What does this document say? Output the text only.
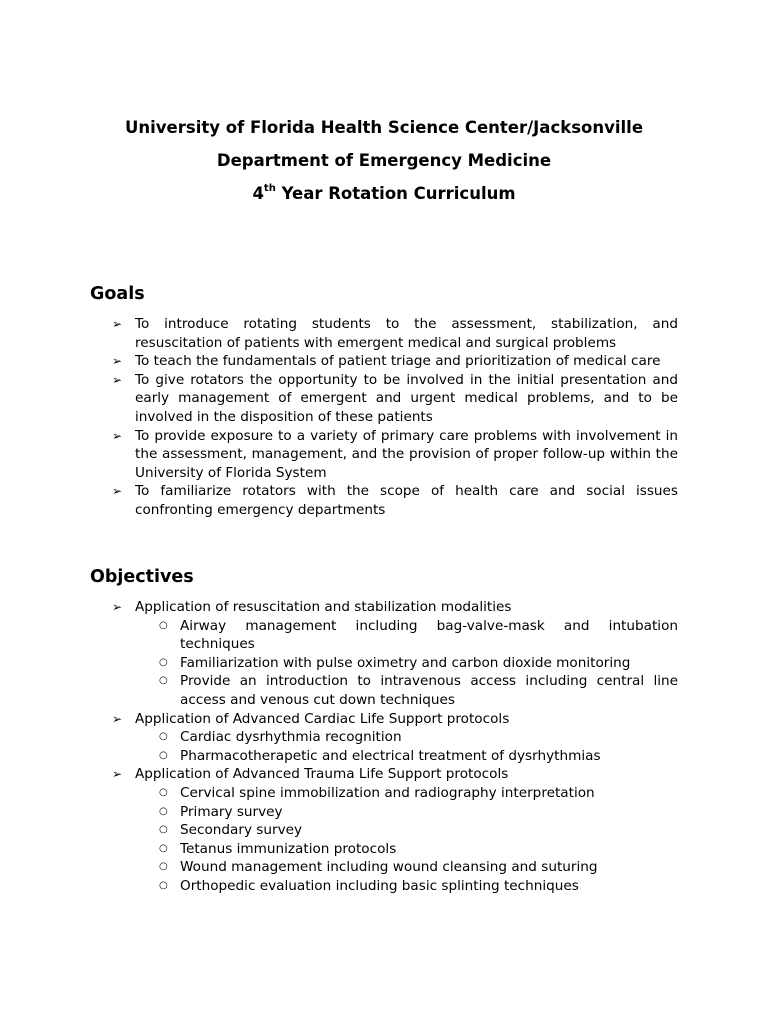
University of Florida Health Science Center/Jacksonville
Department of Emergency Medicine
4th Year Rotation Curriculum
Goals
➢ To introduce rotating students to the assessment, stabilization, and resuscitation of patients with emergent medical and surgical problems
➢ To teach the fundamentals of patient triage and prioritization of medical care
➢ To give rotators the opportunity to be involved in the initial presentation and early management of emergent and urgent medical problems, and to be involved in the disposition of these patients
➢ To provide exposure to a variety of primary care problems with involvement in the assessment, management, and the provision of proper follow-up within the University of Florida System
➢ To familiarize rotators with the scope of health care and social issues confronting emergency departments
Objectives
➢ Application of resuscitation and stabilization modalities
○ Airway management including bag-valve-mask and intubation techniques
○ Familiarization with pulse oximetry and carbon dioxide monitoring
○ Provide an introduction to intravenous access including central line access and venous cut down techniques
➢ Application of Advanced Cardiac Life Support protocols
○ Cardiac dysrhythmia recognition
○ Pharmacotherapetic and electrical treatment of dysrhythmias
➢ Application of Advanced Trauma Life Support protocols
○ Cervical spine immobilization and radiography interpretation
○ Primary survey
○ Secondary survey
○ Tetanus immunization protocols
○ Wound management including wound cleansing and suturing
○ Orthopedic evaluation including basic splinting techniques
